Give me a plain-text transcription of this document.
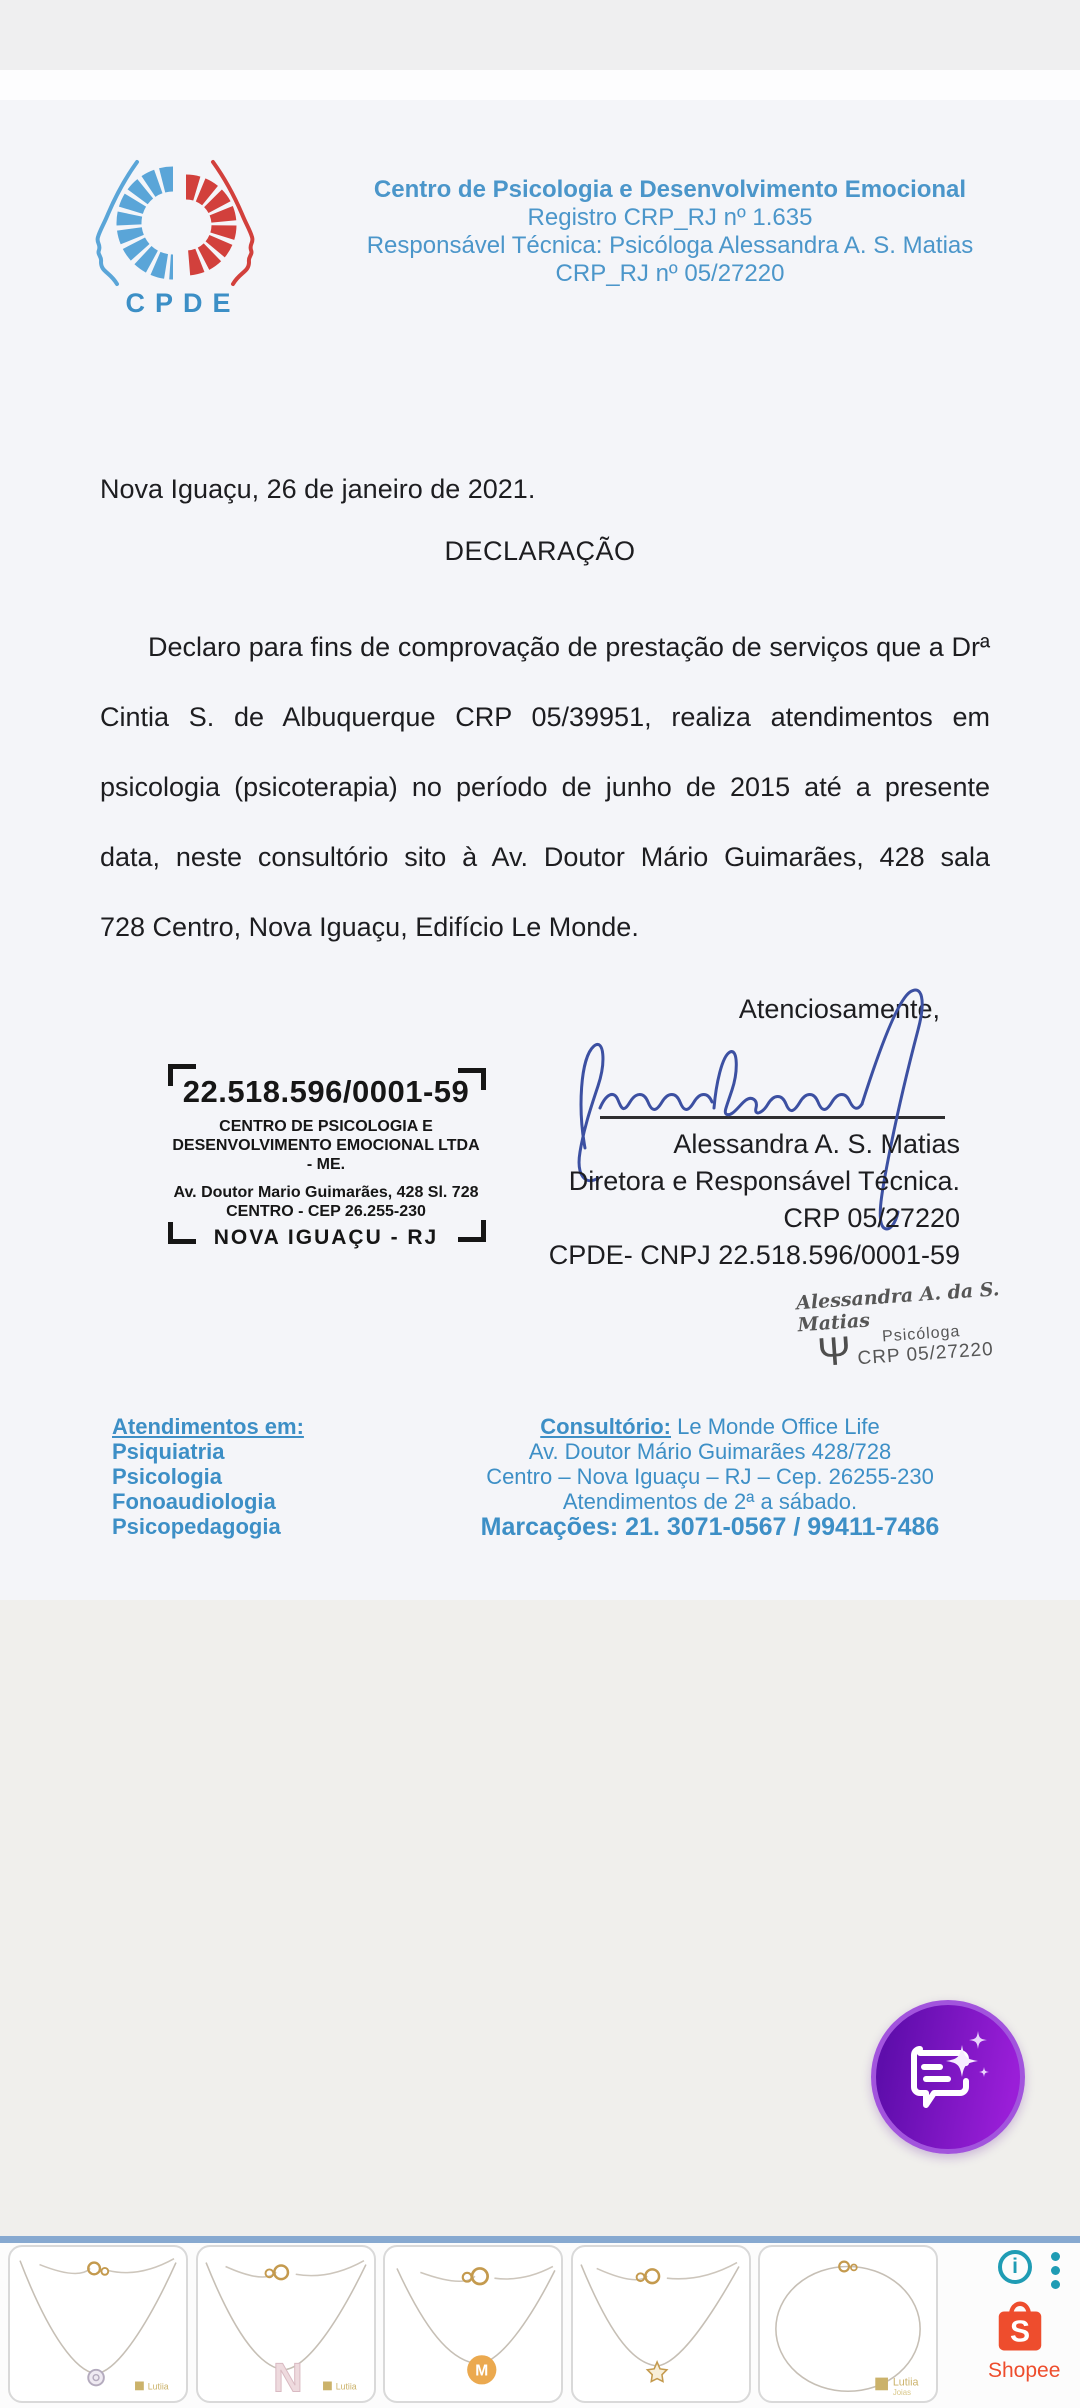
CPDE
Centro de Psicologia e Desenvolvimento Emocional
Registro CRP_RJ nº 1.635
Responsável Técnica: Psicóloga Alessandra A. S. Matias
CRP_RJ nº 05/27220
Nova Iguaçu, 26 de janeiro de 2021.
DECLARAÇÃO
Declaro para fins de comprovação de prestação de serviços que a Drª
Cintia S. de Albuquerque CRP 05/39951, realiza atendimentos em
psicologia (psicoterapia) no período de junho de 2015 até a presente
data, neste consultório sito à Av. Doutor Mário Guimarães, 428 sala
728 Centro, Nova Iguaçu, Edifício Le Monde.
Atenciosamente,
22.518.596/0001-59
CENTRO DE PSICOLOGIA E
DESENVOLVIMENTO EMOCIONAL LTDA - ME.
Av. Doutor Mario Guimarães, 428 Sl. 728
CENTRO - CEP 26.255-230
NOVA IGUAÇU - RJ
Alessandra A. S. Matias
Diretora e Responsável Técnica.
CRP 05/27220
CPDE- CNPJ 22.518.596/0001-59
Alessandra A. da S. Matias
Ψ Psicóloga
CRP 05/27220
Atendimentos em:
Psiquiatria
Psicologia
Fonoaudiologia
Psicopedagogia
Consultório: Le Monde Office Life
Av. Doutor Mário Guimarães 428/728
Centro – Nova Iguaçu – RJ – Cep. 26255-230
Atendimentos de 2ª a sábado.
Marcações: 21. 3071-0567 / 99411-7486
Lutiia N	Lutiia
M
Lutiia
Joias
i
S
Shopee
